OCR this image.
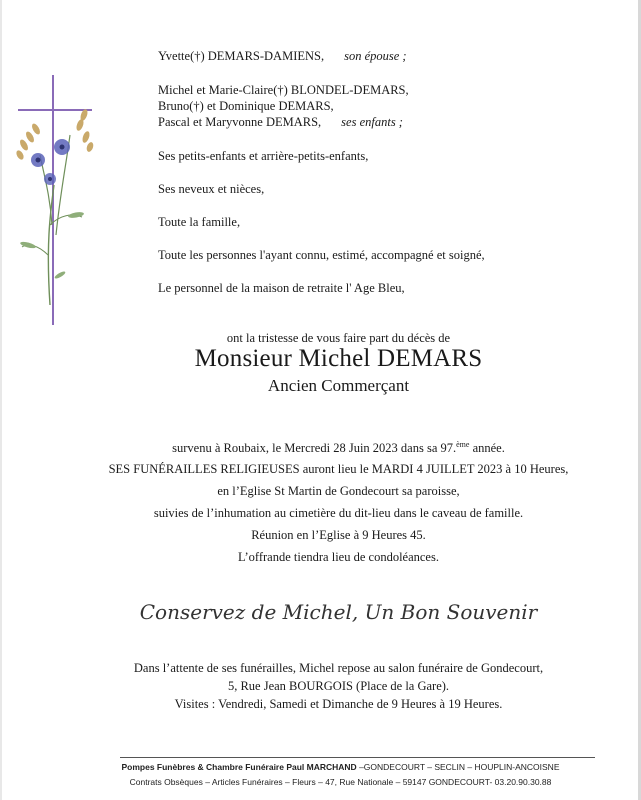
Yvette(†) DEMARS-DAMIENS, son épouse ;
Michel et Marie-Claire(†) BLONDEL-DEMARS,
Bruno(†) et Dominique DEMARS,
Pascal et Maryvonne DEMARS, ses enfants ;
Ses petits-enfants et arrière-petits-enfants,
Ses neveux et nièces,
Toute la famille,
Toute les personnes l'ayant connu, estimé, accompagné et soigné,
Le personnel de la maison de retraite l' Age Bleu,
ont la tristesse de vous faire part du décès de
Monsieur Michel DEMARS
Ancien Commerçant
survenu à Roubaix, le Mercredi 28 Juin 2023 dans sa 97.$^{ème}$ année.
SES FUNÉRAILLES RELIGIEUSES auront lieu le MARDI 4 JUILLET 2023 à 10 Heures,
en l’Eglise St Martin de Gondecourt sa paroisse,
suivies de l’inhumation au cimetière du dit-lieu dans le caveau de famille.
Réunion en l’Eglise à 9 Heures 45.
L’offrande tiendra lieu de condoléances.
Conservez de Michel, Un Bon Souvenir
Dans l’attente de ses funérailles, Michel repose au salon funéraire de Gondecourt,
5, Rue Jean BOURGOIS (Place de la Gare).
Visites : Vendredi, Samedi et Dimanche de 9 Heures à 19 Heures.
Pompes Funèbres & Chambre Funéraire Paul MARCHAND –GONDECOURT – SECLIN – HOUPLIN-ANCOISNE
Contrats Obsèques – Articles Funéraires – Fleurs – 47, Rue Nationale – 59147 GONDECOURT- 03.20.90.30.88
